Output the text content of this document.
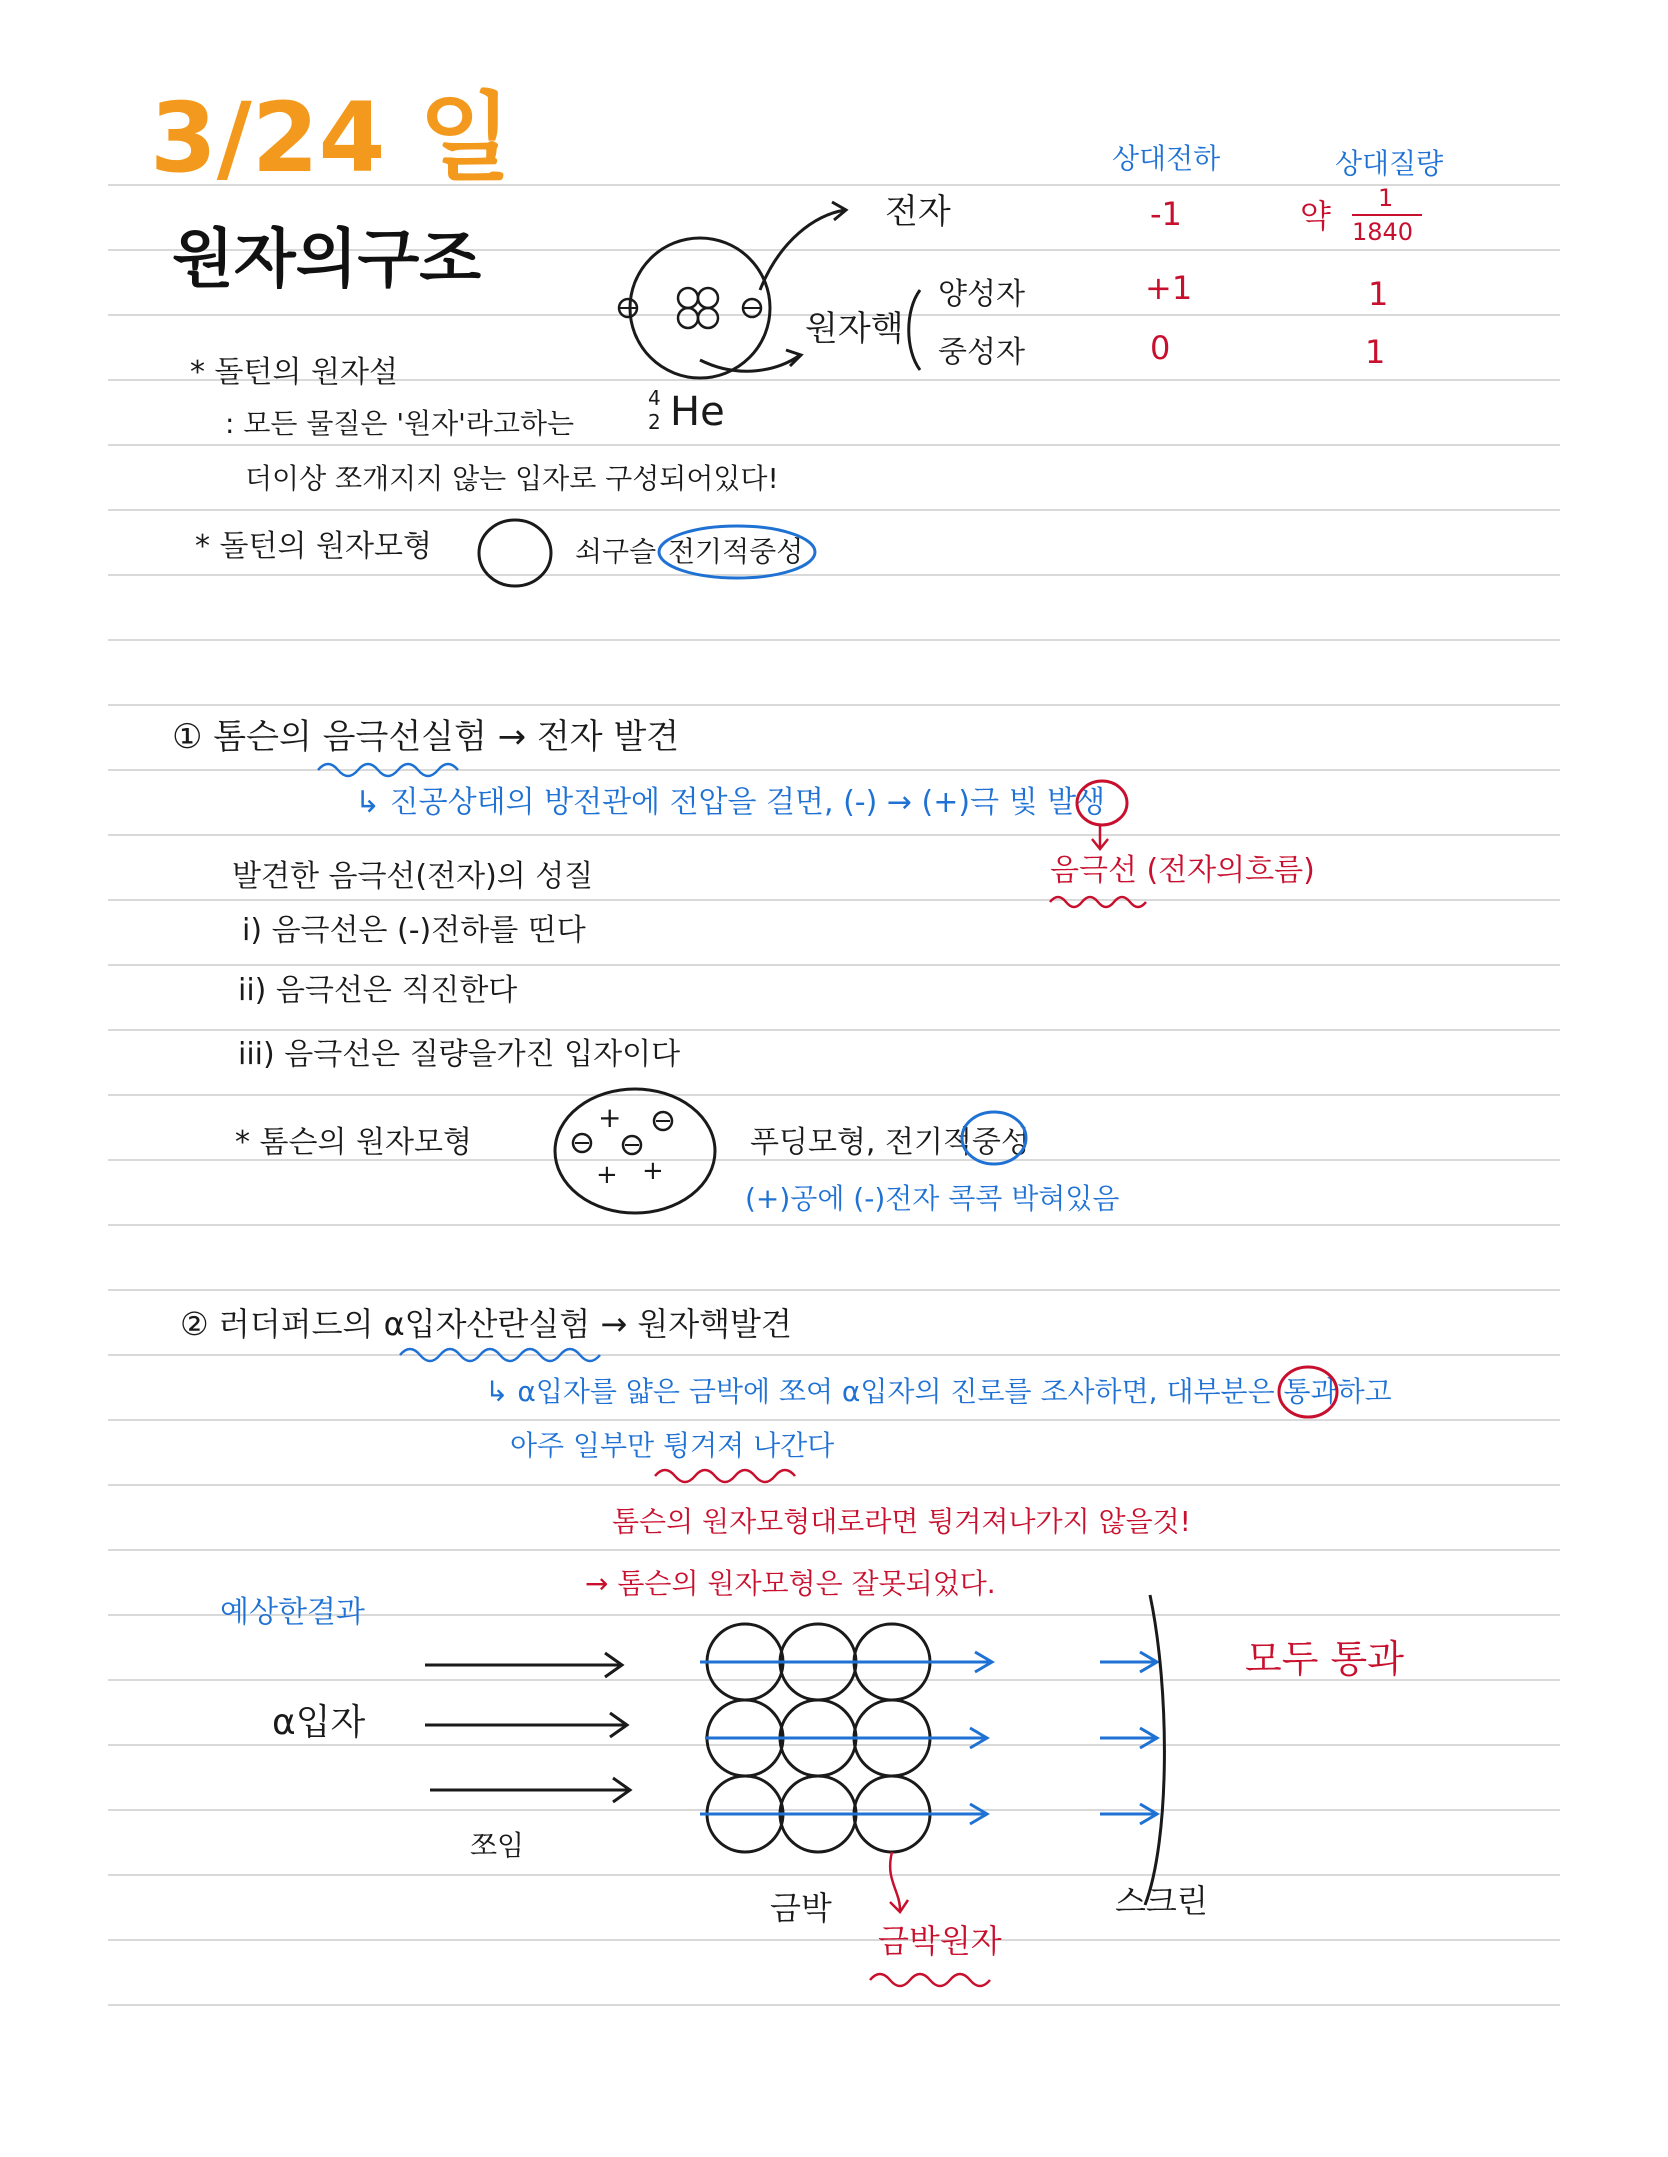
3/24 일
원자의구조
상대전하	상대질량
전자
원자핵
양성자
중성자
4
2 He
-1
+1
0
약 1
1840
1
1
* 돌턴의 원자설
: 모든 물질은 '원자'라고하는
더이상 쪼개지지 않는 입자로 구성되어있다!
* 돌턴의 원자모형	쇠구슬 전기적중성
① 톰슨의 음극선실험 → 전자 발견
↳ 진공상태의 방전관에 전압을 걸면, (-) → (+)극 빛 발생
음극선 (전자의흐름)
발견한 음극선(전자)의 성질
i) 음극선은 (-)전하를 띤다
ii) 음극선은 직진한다
iii) 음극선은 질량을가진 입자이다
* 톰슨의 원자모형
+
+ +
푸딩모형, 전기적중성
(+)공에 (-)전자 콕콕 박혀있음
② 러더퍼드의 α입자산란실험 → 원자핵발견
↳ α입자를 얇은 금박에 쪼여 α입자의 진로를 조사하면, 대부분은 통과하고
아주 일부만 튕겨져 나간다
톰슨의 원자모형대로라면 튕겨져나가지 않을것!
→ 톰슨의 원자모형은 잘못되었다.
예상한결과
α입자
쪼임
금박
금박원자
스크린
모두 통과
